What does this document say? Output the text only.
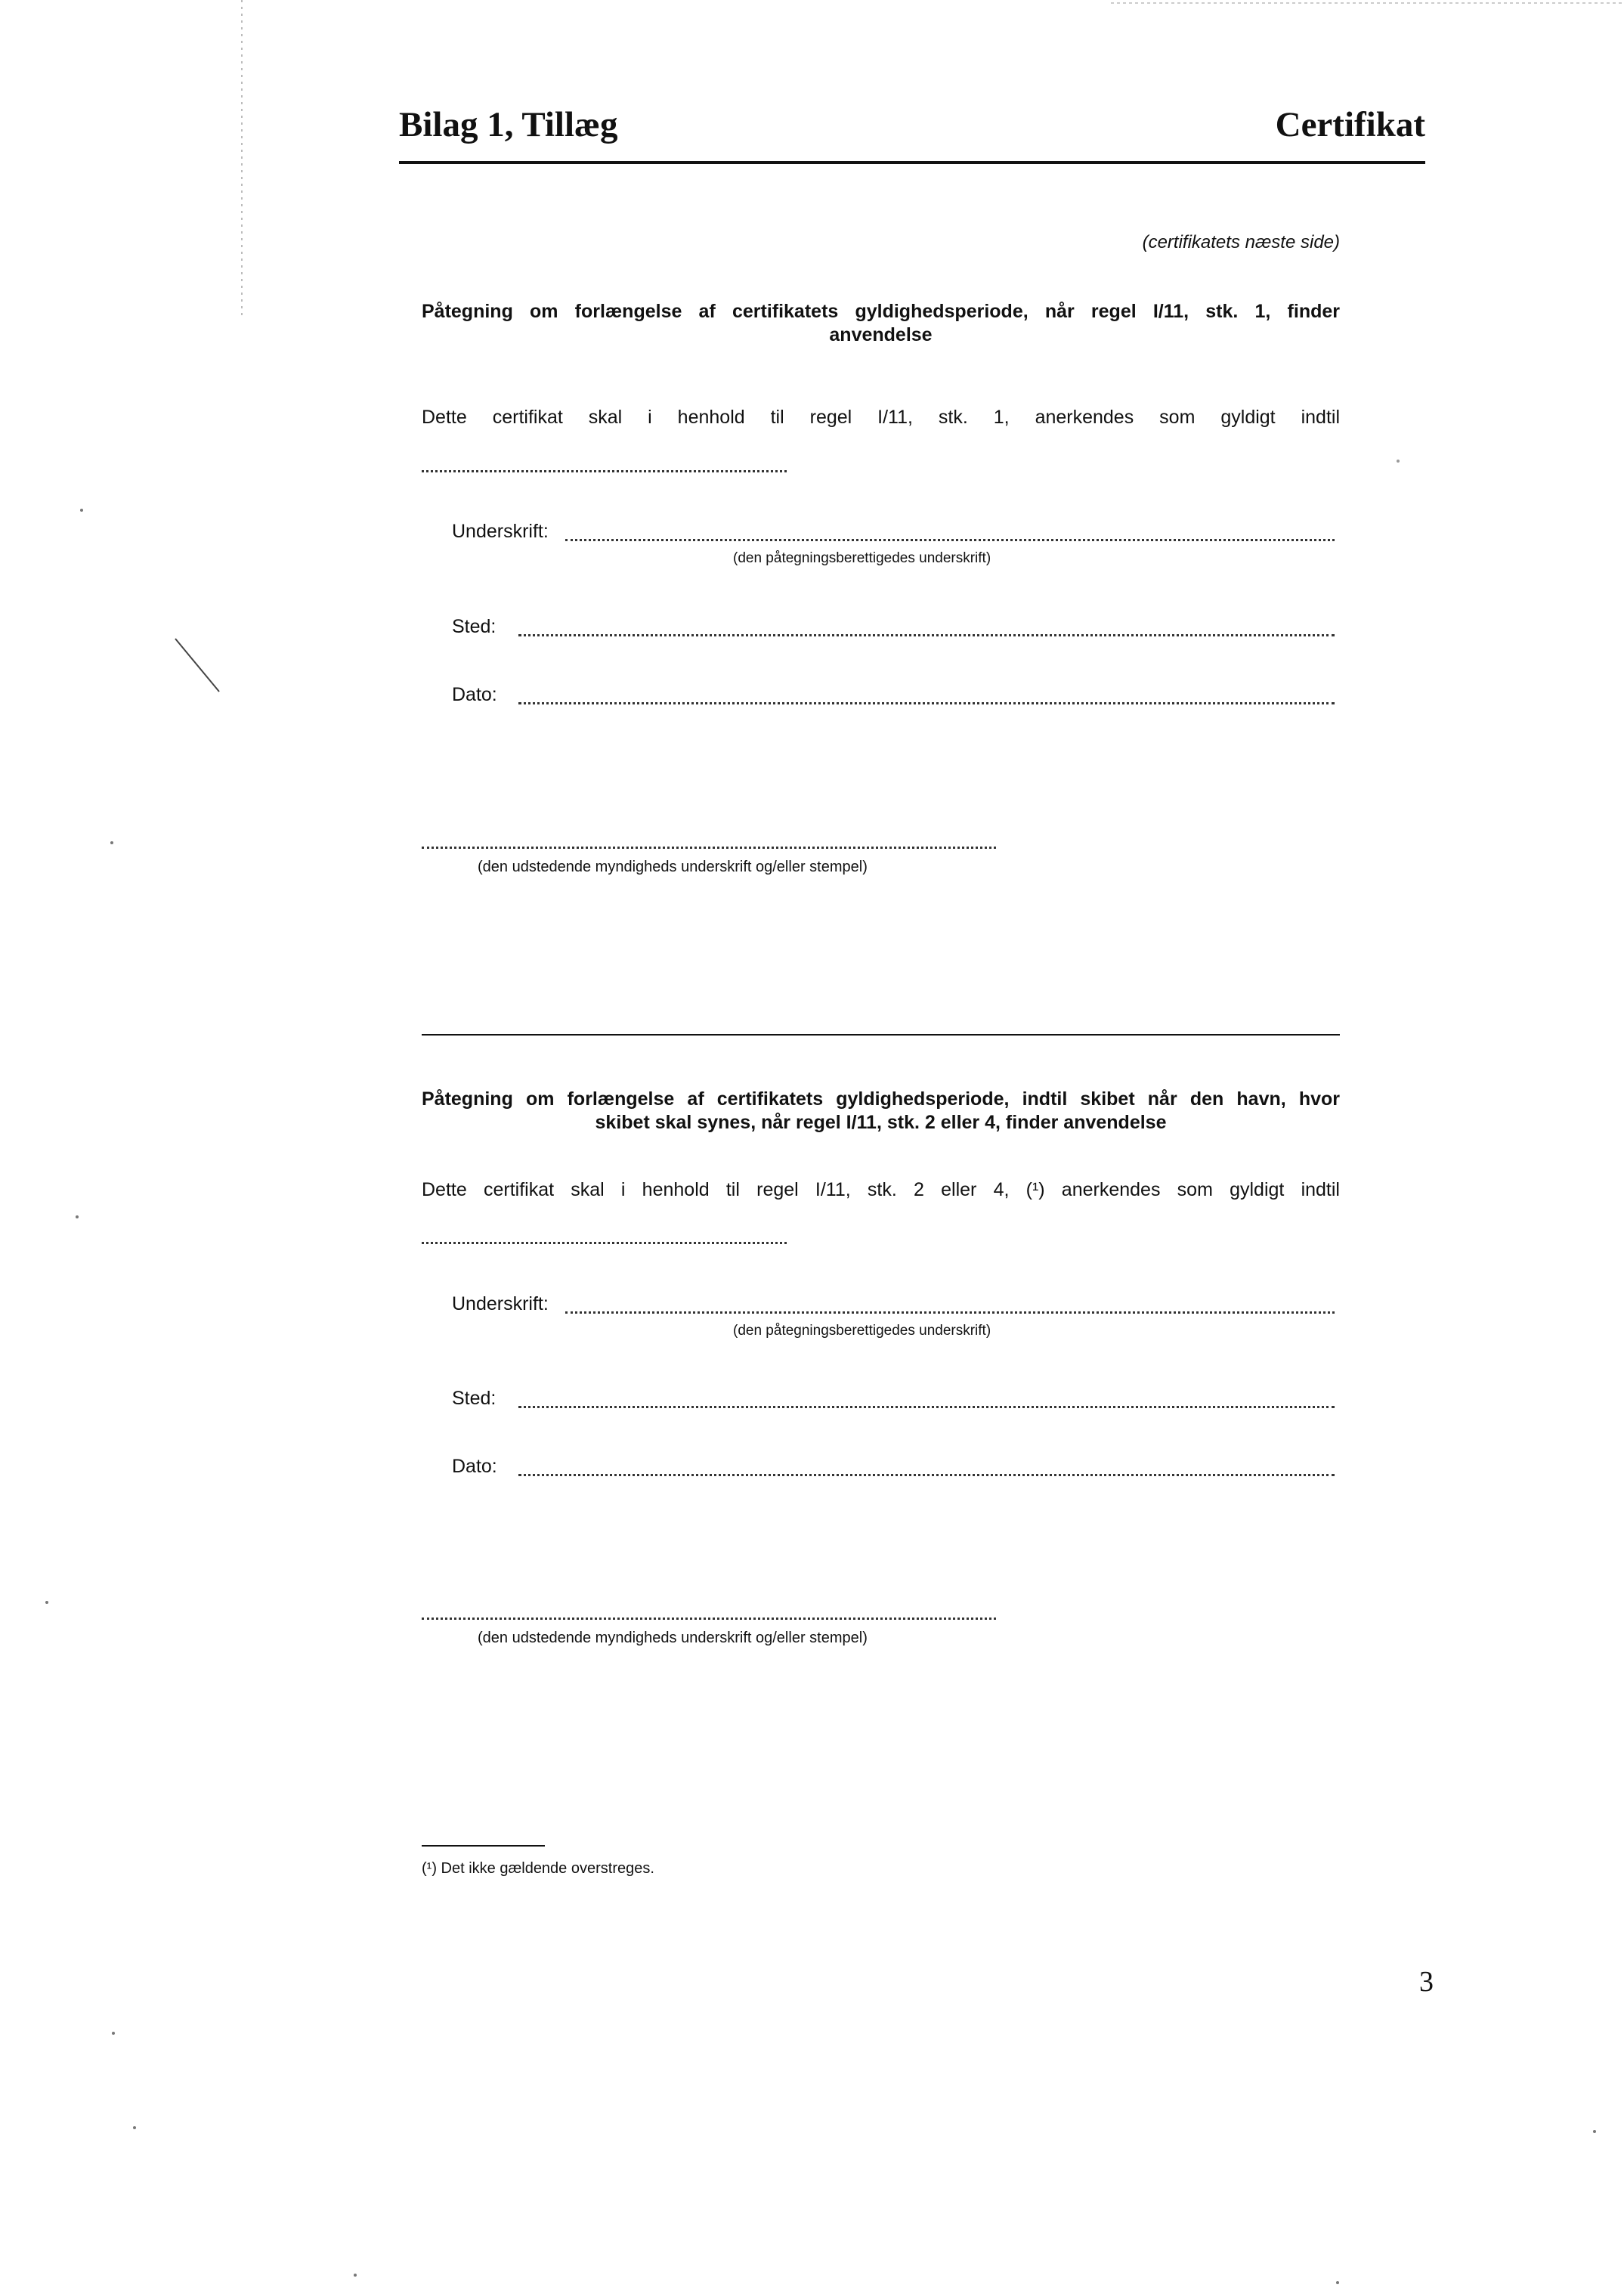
Bilag 1, Tillæg	Certifikat
(certifikatets næste side)
Påtegning om forlængelse af certifikatets gyldighedsperiode, når regel I/11, stk. 1, finder
anvendelse
Dette certifikat skal i henhold til regel I/11, stk. 1, anerkendes som gyldigt indtil
Underskrift:
(den påtegningsberettigedes underskrift)
Sted:
Dato:
(den udstedende myndigheds underskrift og/eller stempel)
Påtegning om forlængelse af certifikatets gyldighedsperiode, indtil skibet når den havn, hvor
skibet skal synes, når regel I/11, stk. 2 eller 4, finder anvendelse
Dette certifikat skal i henhold til regel I/11, stk. 2 eller 4, (¹) anerkendes som gyldigt indtil
Underskrift:
(den påtegningsberettigedes underskrift)
Sted:
Dato:
(den udstedende myndigheds underskrift og/eller stempel)
(¹) Det ikke gældende overstreges.
3
